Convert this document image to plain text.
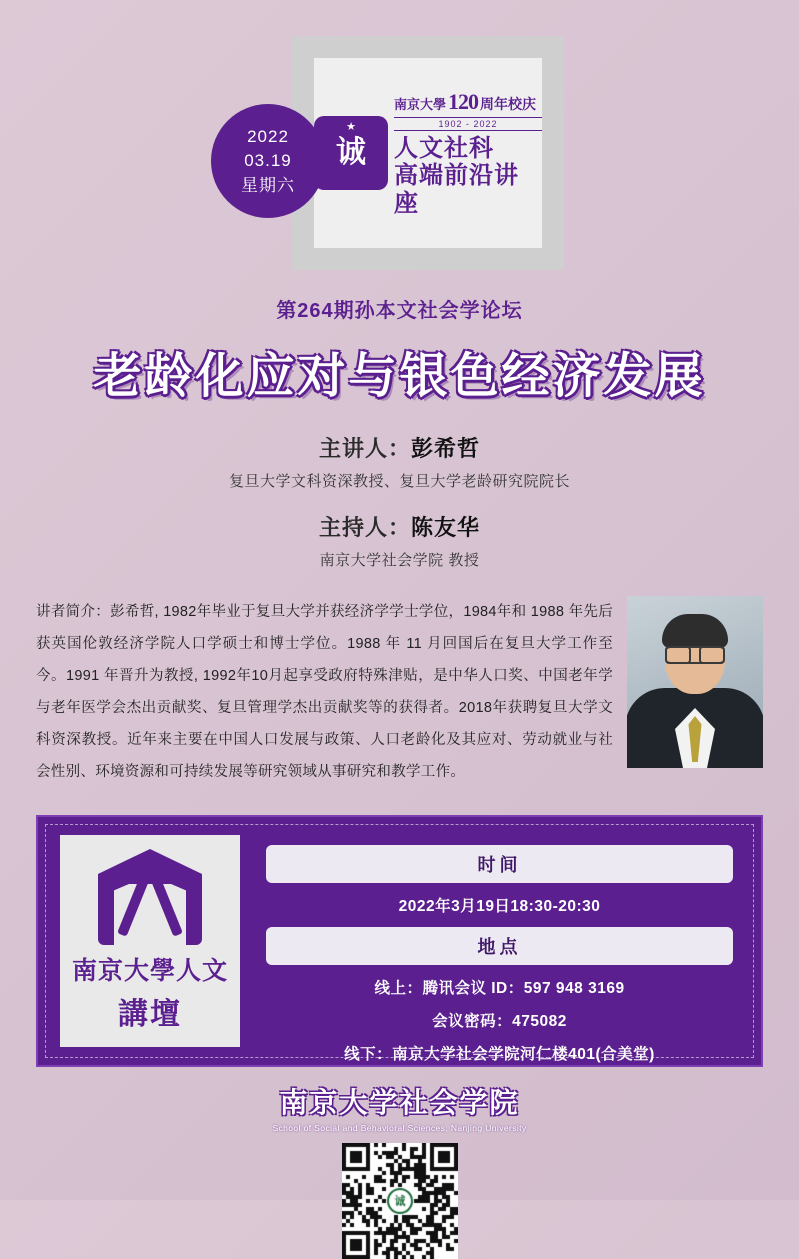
★
诚
南京大學 120 周年校庆
1902 - 2022
人文社科
高端前沿讲座
2022
03.19
星期六
第264期孙本文社会学论坛
老龄化应对与银色经济发展
主讲人：彭希哲
复旦大学文科资深教授、复旦大学老龄研究院院长
主持人：陈友华
南京大学社会学院 教授
讲者简介：彭希哲, 1982年毕业于复旦大学并获经济学学士学位，1984年和 1988 年先后获英国伦敦经济学院人口学硕士和博士学位。1988 年 11 月回国后在复旦大学工作至今。1991 年晋升为教授, 1992年10月起享受政府特殊津贴，是中华人口奖、中国老年学与老年医学会杰出贡献奖、复旦管理学杰出贡献奖等的获得者。2018年获聘复旦大学文科资深教授。近年来主要在中国人口发展与政策、人口老龄化及其应对、劳动就业与社会性别、环境资源和可持续发展等研究领域从事研究和教学工作。
南京大學人文
講壇
时间
2022年3月19日18:30-20:30
地点
线上：腾讯会议 ID：597 948 3169
会议密码：475082
线下：南京大学社会学院河仁楼401(合美堂)
南京大学社会学院
School of Social and Behavioral Sciences, Nanjing University
